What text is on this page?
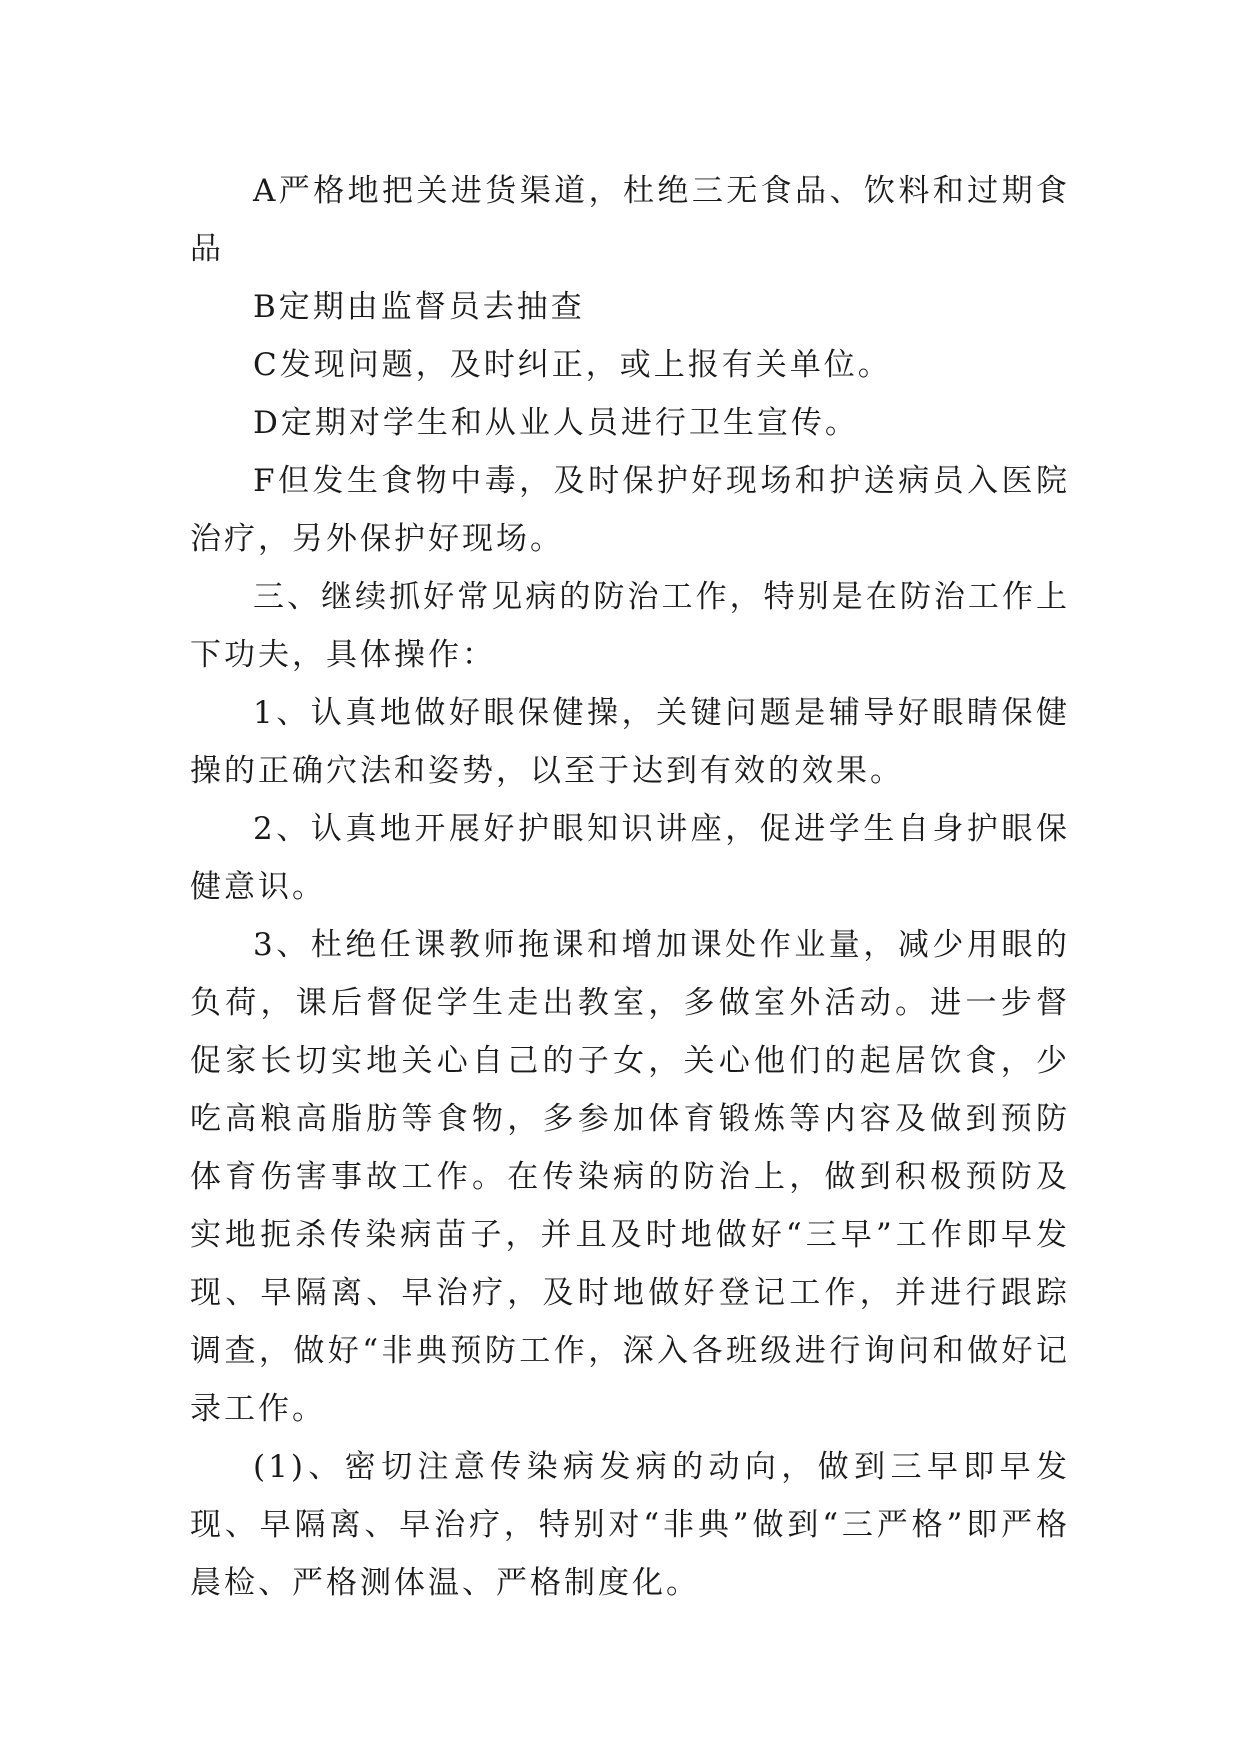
A严格地把关进货渠道，杜绝三无食品、饮料和过期食品

B定期由监督员去抽查

C发现问题，及时纠正，或上报有关单位。

D定期对学生和从业人员进行卫生宣传。

F但发生食物中毒，及时保护好现场和护送病员入医院治疗，另外保护好现场。

三、继续抓好常见病的防治工作，特别是在防治工作上下功夫，具体操作：

1、认真地做好眼保健操，关键问题是辅导好眼睛保健操的正确穴法和姿势，以至于达到有效的效果。

2、认真地开展好护眼知识讲座，促进学生自身护眼保健意识。

3、杜绝任课教师拖课和增加课处作业量，减少用眼的负荷，课后督促学生走出教室，多做室外活动。进一步督促家长切实地关心自己的子女，关心他们的起居饮食，少吃高粮高脂肪等食物，多参加体育锻炼等内容及做到预防体育伤害事故工作。在传染病的防治上，做到积极预防及实地扼杀传染病苗子，并且及时地做好“三早”工作即早发现、早隔离、早治疗，及时地做好登记工作，并进行跟踪调查，做好“非典预防工作，深入各班级进行询问和做好记录工作。

(1)、密切注意传染病发病的动向，做到三早即早发现、早隔离、早治疗，特别对“非典”做到“三严格”即严格晨检、严格测体温、严格制度化。
